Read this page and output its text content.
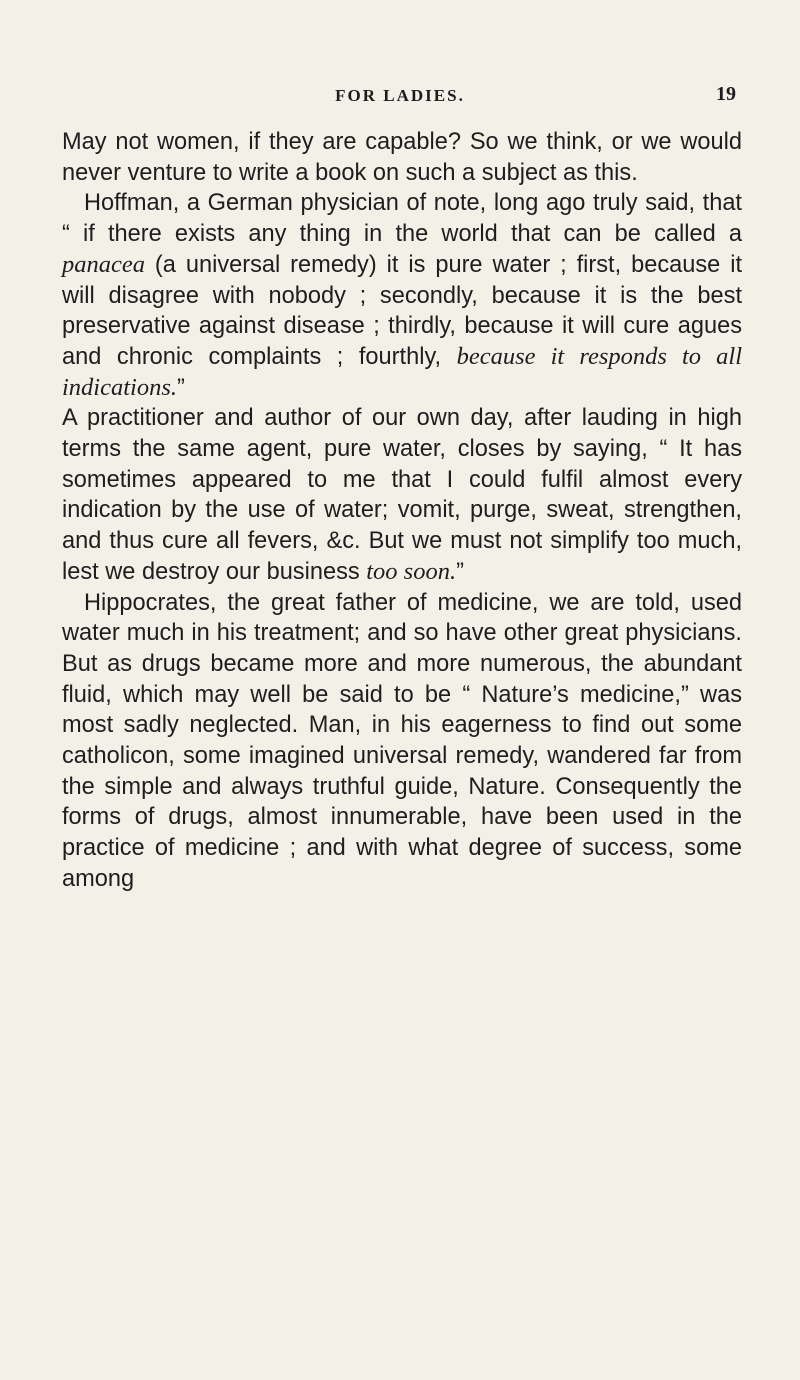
FOR LADIES.	19

May not women, if they are capable? So we think, or we would never venture to write a book on such a subject as this.

Hoffman, a German physician of note, long ago truly said, that “ if there exists any thing in the world that can be called a panacea (a universal remedy) it is pure water ; first, because it will disagree with nobody ; secondly, because it is the best preservative against disease ; thirdly, because it will cure agues and chronic complaints ; fourthly, because it responds to all indications.”

A practitioner and author of our own day, after lauding in high terms the same agent, pure water, closes by saying, “ It has sometimes appeared to me that I could fulfil almost every indication by the use of water; vomit, purge, sweat, strengthen, and thus cure all fevers, &c. But we must not simplify too much, lest we destroy our business too soon.”

Hippocrates, the great father of medicine, we are told, used water much in his treatment; and so have other great physicians. But as drugs became more and more numerous, the abundant fluid, which may well be said to be “ Nature’s medicine,” was most sadly neglected. Man, in his eagerness to find out some catholicon, some imagined universal remedy, wandered far from the simple and always truthful guide, Nature. Consequently the forms of drugs, almost innumerable, have been used in the practice of medicine ; and with what degree of success, some among
